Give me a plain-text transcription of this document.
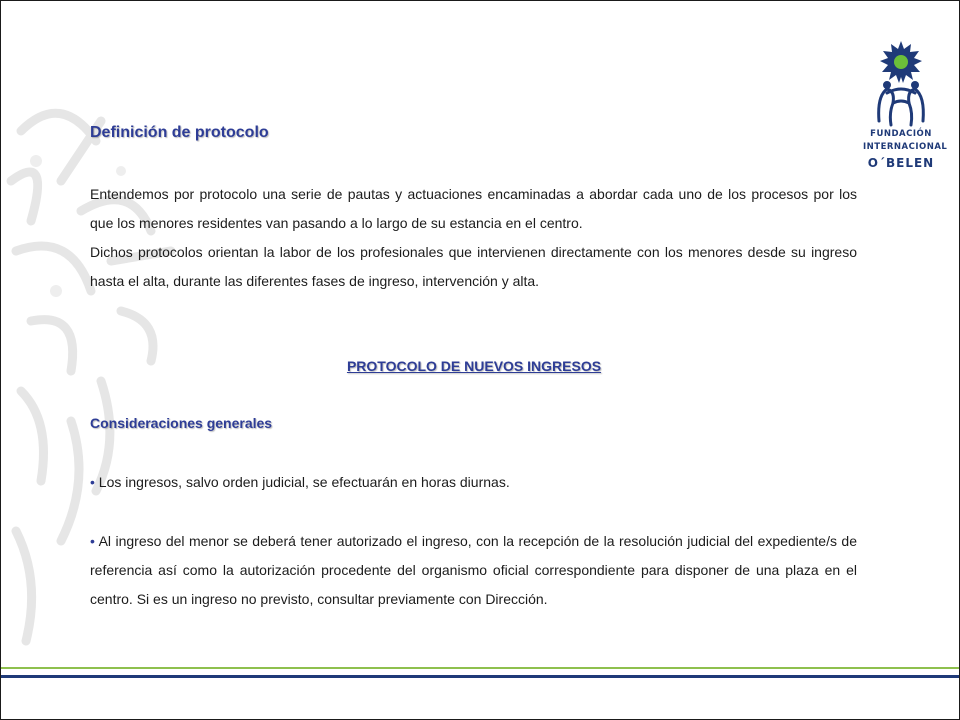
FUNDACIÓN
INTERNACIONAL
O´BELEN
Definición de protocolo

Entendemos por protocolo una serie de pautas y actuaciones encaminadas a abordar cada uno de los procesos por los que los menores residentes van pasando a lo largo de su estancia en el centro.

Dichos protocolos orientan la labor de los profesionales que intervienen directamente con los menores desde su ingreso hasta el alta, durante las diferentes fases de ingreso, intervención y alta.

PROTOCOLO DE NUEVOS INGRESOS
Consideraciones generales

• Los ingresos, salvo orden judicial, se efectuarán en horas diurnas.

• Al ingreso del menor se deberá tener autorizado el ingreso, con la recepción de la resolución judicial del expediente/s de referencia así como la autorización procedente del organismo oficial correspondiente para disponer de una plaza en el centro. Si es un ingreso no previsto, consultar previamente con Dirección.
